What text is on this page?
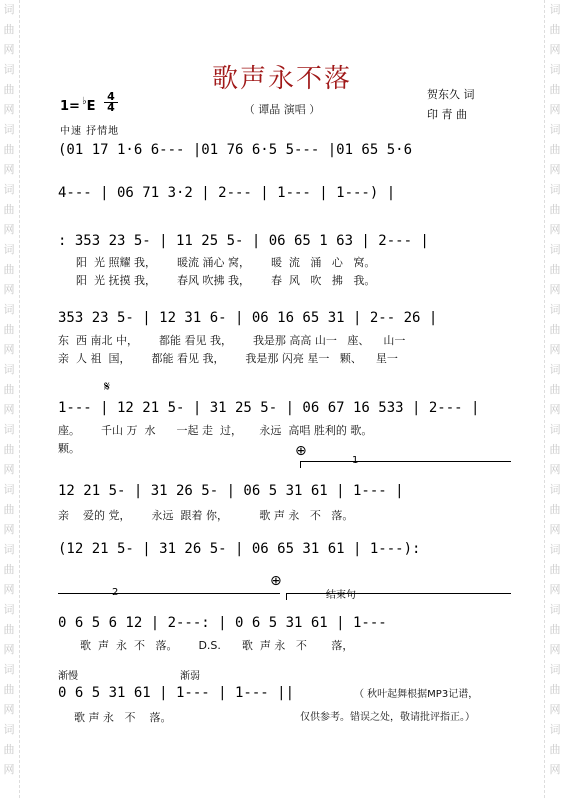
词
曲
网
词
曲
网
词
曲
网
词
曲
网
词
曲
网
词
曲
网
词
曲
网
词
曲
网
词
曲
网
词
曲
网
词
曲
网
词
曲
网
词
曲
网
词
曲
网
词
曲
网
词
曲
网
词
曲
网
词
曲
网
词
曲
网
词
曲
网
词
曲
网
词
曲
网
词
曲
网
词
曲
网
词
曲
网
词
曲
网
歌声永不落
（ 谭晶 演唱 ）
1= ♭E
4
4
贺东久 词
印 青 曲
中速 抒情地
(01 17 1·6 6--- |01 76 6·5 5--- |01 65 5·6
4--- | 06 71 3·2 | 2--- | 1--- | 1---) |
: 353 23 5- | 11 25 5- | 06 65 1 63 | 2--- |
阳  光 照耀 我，      暖流 涌心 窝，      暖  流   涌   心   窝。
阳  光 抚摸 我，      春风 吹拂 我，      春  风   吹   拂   我。
353 23 5- | 12 31 6- | 06 16 65 31 | 2-- 26 |
东  西 南北 中，      都能 看见 我，      我是那 高高 山一   座、    山一
亲  人 祖  国，      都能 看见 我，      我是那 闪亮 星一   颗、    星一
𝄋
1--- | 12 21 5- | 31 25 5- | 06 67 16 533 | 2--- |
座。      千山 万  水      一起 走  过，     永远  高唱 胜利的 歌。
颗。	⊕
1
12 21 5- | 31 26 5- | 06 5 31 61 | 1--- |
亲    爱的 党，      永远  跟着 你，         歌 声 永   不   落。
(12 21 5- | 31 26 5- | 06 65 31 61 | 1---):
⊕
2	结束句
0 6 5 6 12 | 2---: | 0 6 5 31 61 | 1---
歌  声  永  不   落。      D.S.      歌  声 永   不       落，
渐慢	渐弱
0 6 5 31 61 | 1--- | 1--- ||
歌 声 永   不    落。
（ 秋叶起舞根据MP3记谱，
仅供参考。错误之处，敬请批评指正。）
